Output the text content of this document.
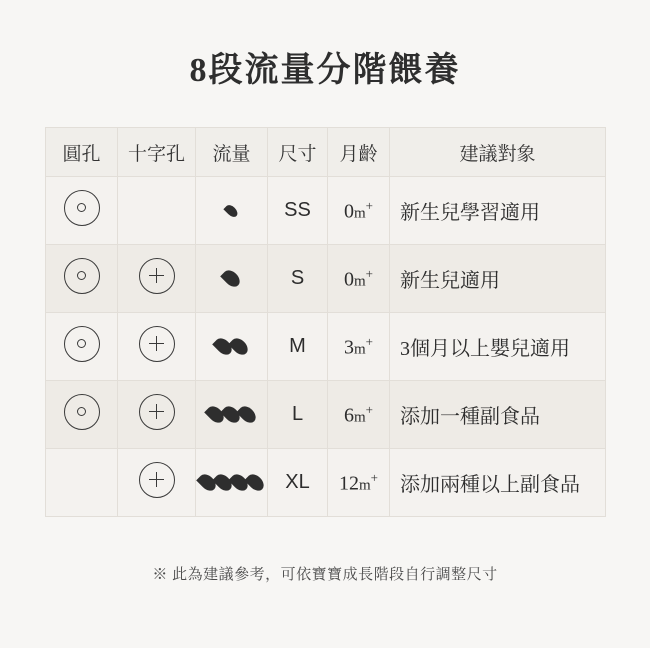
8段流量分階餵養
圓孔	十字孔	流量	尺寸	月齡	建議對象

	SS	0m+	新生兒學習適用

	S	0m+	新生兒適用

	M	3m+	3個月以上嬰兒適用

	L	6m+	添加一種副食品

	XL	12m+	添加兩種以上副食品
※ 此為建議參考，可依寶寶成長階段自行調整尺寸
